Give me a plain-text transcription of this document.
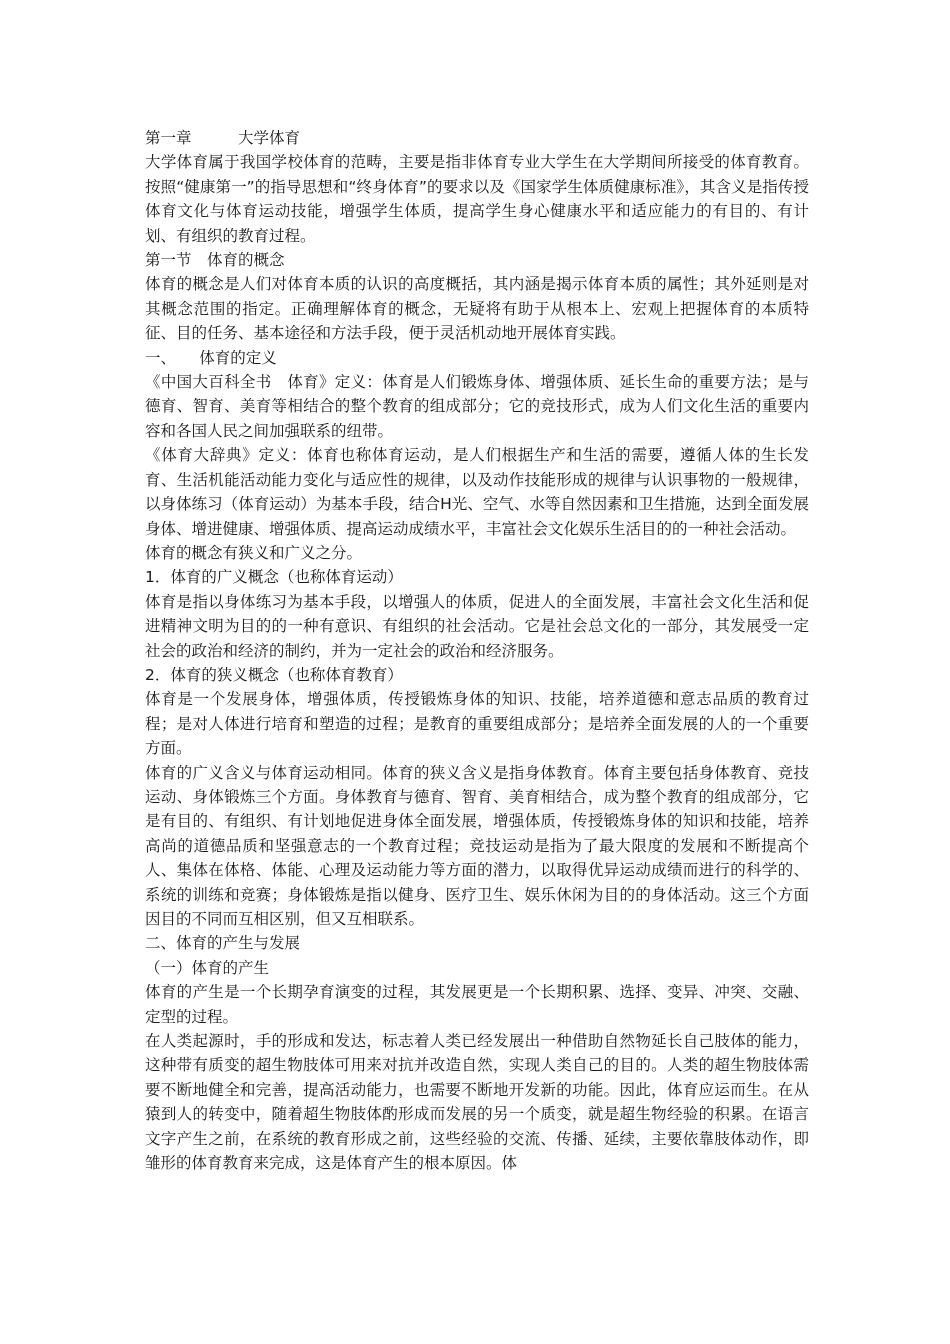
第一章　　　大学体育

大学体育属于我国学校体育的范畴，主要是指非体育专业大学生在大学期间所接受的体育教育。按照“健康第一”的指导思想和“终身体育”的要求以及《国家学生体质健康标准》，其含义是指传授体育文化与体育运动技能，增强学生体质，提高学生身心健康水平和适应能力的有目的、有计划、有组织的教育过程。

第一节　体育的概念

体育的概念是人们对体育本质的认识的高度概括，其内涵是揭示体育本质的属性；其外延则是对其概念范围的指定。正确理解体育的概念，无疑将有助于从根本上、宏观上把握体育的本质特征、目的任务、基本途径和方法手段，便于灵活机动地开展体育实践。

一、　　体育的定义

《中国大百科全书　体育》定义：体育是人们锻炼身体、增强体质、延长生命的重要方法；是与德育、智育、美育等相结合的整个教育的组成部分；它的竞技形式，成为人们文化生活的重要内容和各国人民之间加强联系的纽带。

《体育大辞典》定义：体育也称体育运动，是人们根据生产和生活的需要，遵循人体的生长发育、生活机能活动能力变化与适应性的规律，以及动作技能形成的规律与认识事物的一般规律，以身体练习（体育运动）为基本手段，结合H光、空气、水等自然因素和卫生措施，达到全面发展身体、增进健康、增强体质、提高运动成绩水平，丰富社会文化娱乐生活目的的一种社会活动。

体育的概念有狭义和广义之分。

1．体育的广义概念（也称体育运动）

体育是指以身体练习为基本手段，以增强人的体质，促进人的全面发展，丰富社会文化生活和促进精神文明为目的的一种有意识、有组织的社会活动。它是社会总文化的一部分，其发展受一定社会的政治和经济的制约，并为一定社会的政治和经济服务。

2．体育的狭义概念（也称体育教育）

体育是一个发展身体，增强体质，传授锻炼身体的知识、技能，培养道德和意志品质的教育过程；是对人体进行培育和塑造的过程；是教育的重要组成部分；是培养全面发展的人的一个重要方面。

体育的广义含义与体育运动相同。体育的狭义含义是指身体教育。体育主要包括身体教育、竞技运动、身体锻炼三个方面。身体教育与德育、智育、美育相结合，成为整个教育的组成部分，它是有目的、有组织、有计划地促进身体全面发展，增强体质，传授锻炼身体的知识和技能，培养高尚的道德品质和坚强意志的一个教育过程；竞技运动是指为了最大限度的发展和不断提高个人、集体在体格、体能、心理及运动能力等方面的潜力，以取得优异运动成绩而进行的科学的、系统的训练和竞赛；身体锻炼是指以健身、医疗卫生、娱乐休闲为目的的身体活动。这三个方面因目的不同而互相区别，但又互相联系。

二、体育的产生与发展

（一）体育的产生

体育的产生是一个长期孕育演变的过程，其发展更是一个长期积累、选择、变异、冲突、交融、定型的过程。

在人类起源时，手的形成和发达，标志着人类已经发展出一种借助自然物延长自己肢体的能力，这种带有质变的超生物肢体可用来对抗并改造自然，实现人类自己的目的。人类的超生物肢体需要不断地健全和完善，提高活动能力，也需要不断地开发新的功能。因此，体育应运而生。在从猿到人的转变中，随着超生物肢体酌形成而发展的另一个质变，就是超生物经验的积累。在语言文字产生之前，在系统的教育形成之前，这些经验的交流、传播、延续，主要依靠肢体动作，即雏形的体育教育来完成，这是体育产生的根本原因。体
